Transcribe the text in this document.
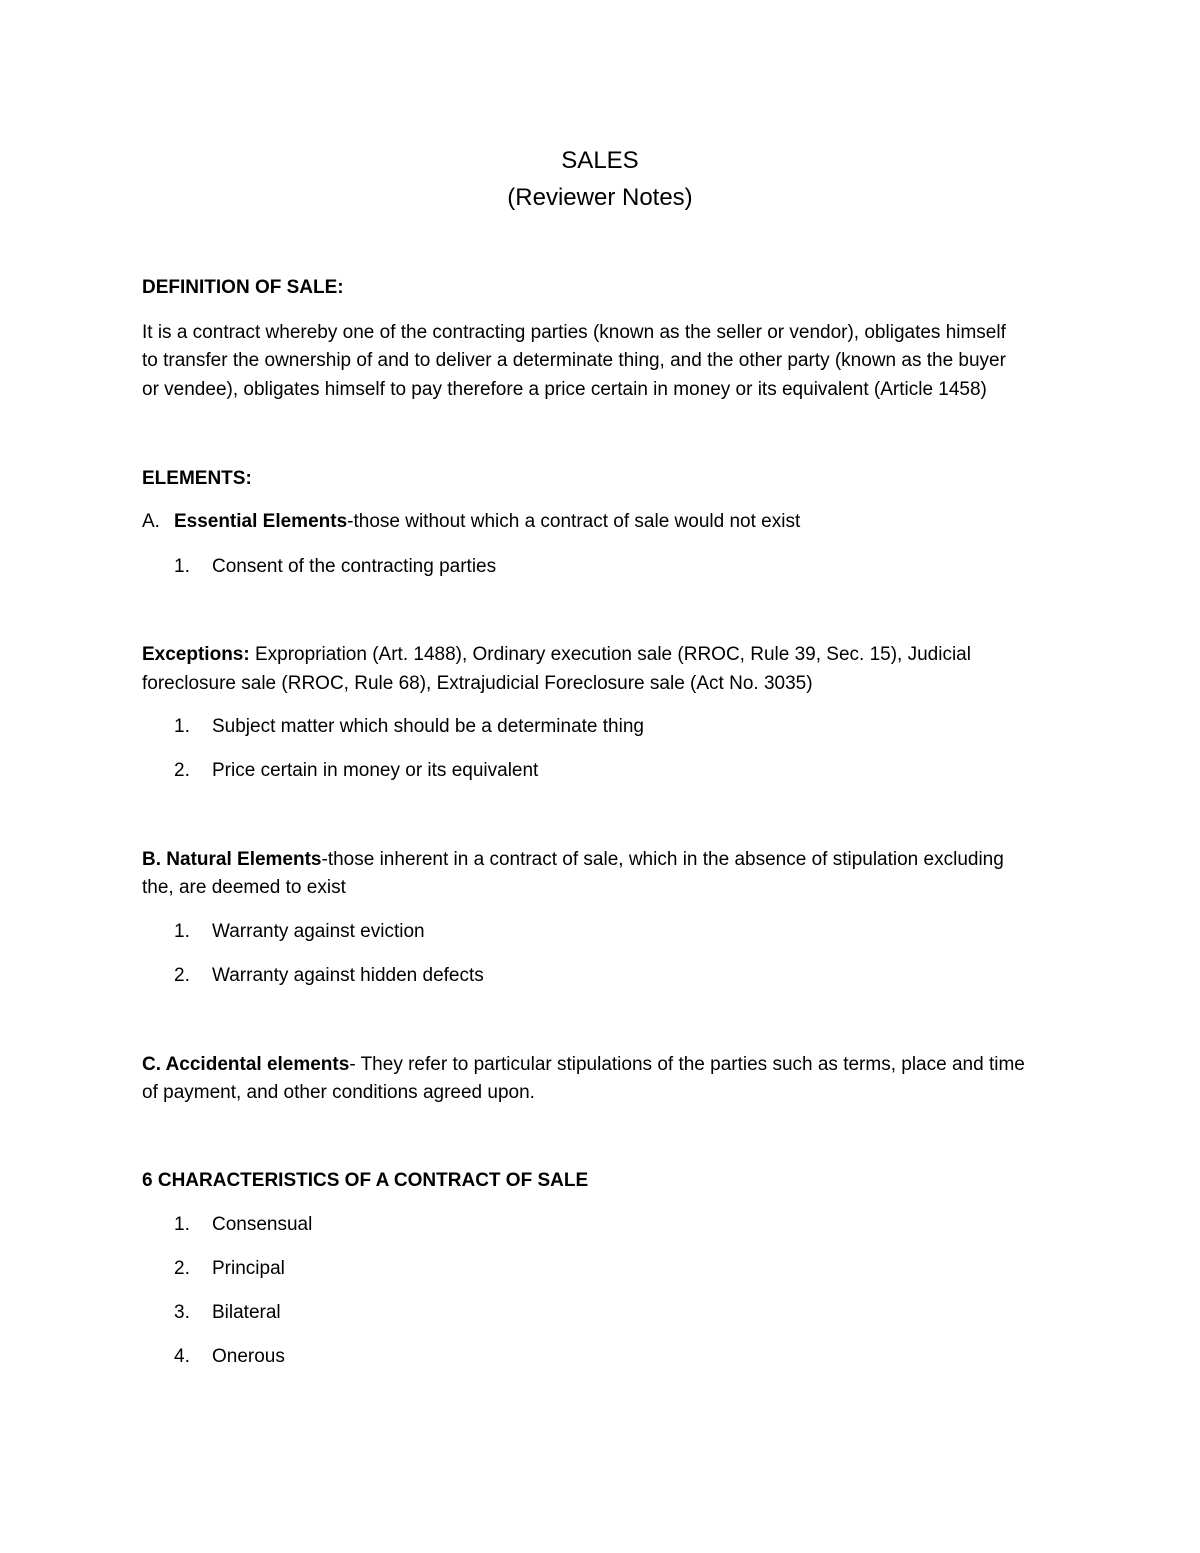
SALES
(Reviewer Notes)
DEFINITION OF SALE:
It is a contract whereby one of the contracting parties (known as the seller or vendor), obligates himself
to transfer the ownership of and to deliver a determinate thing, and the other party (known as the buyer
or vendee), obligates himself to pay therefore a price certain in money or its equivalent (Article 1458)
ELEMENTS:
A. Essential Elements-those without which a contract of sale would not exist
1. Consent of the contracting parties
Exceptions: Expropriation (Art. 1488), Ordinary execution sale (RROC, Rule 39, Sec. 15), Judicial
foreclosure sale (RROC, Rule 68), Extrajudicial Foreclosure sale (Act No. 3035)
1. Subject matter which should be a determinate thing
2. Price certain in money or its equivalent
B. Natural Elements-those inherent in a contract of sale, which in the absence of stipulation excluding
the, are deemed to exist
1. Warranty against eviction
2. Warranty against hidden defects
C. Accidental elements- They refer to particular stipulations of the parties such as terms, place and time
of payment, and other conditions agreed upon.
6 CHARACTERISTICS OF A CONTRACT OF SALE
1. Consensual
2. Principal
3. Bilateral
4. Onerous
